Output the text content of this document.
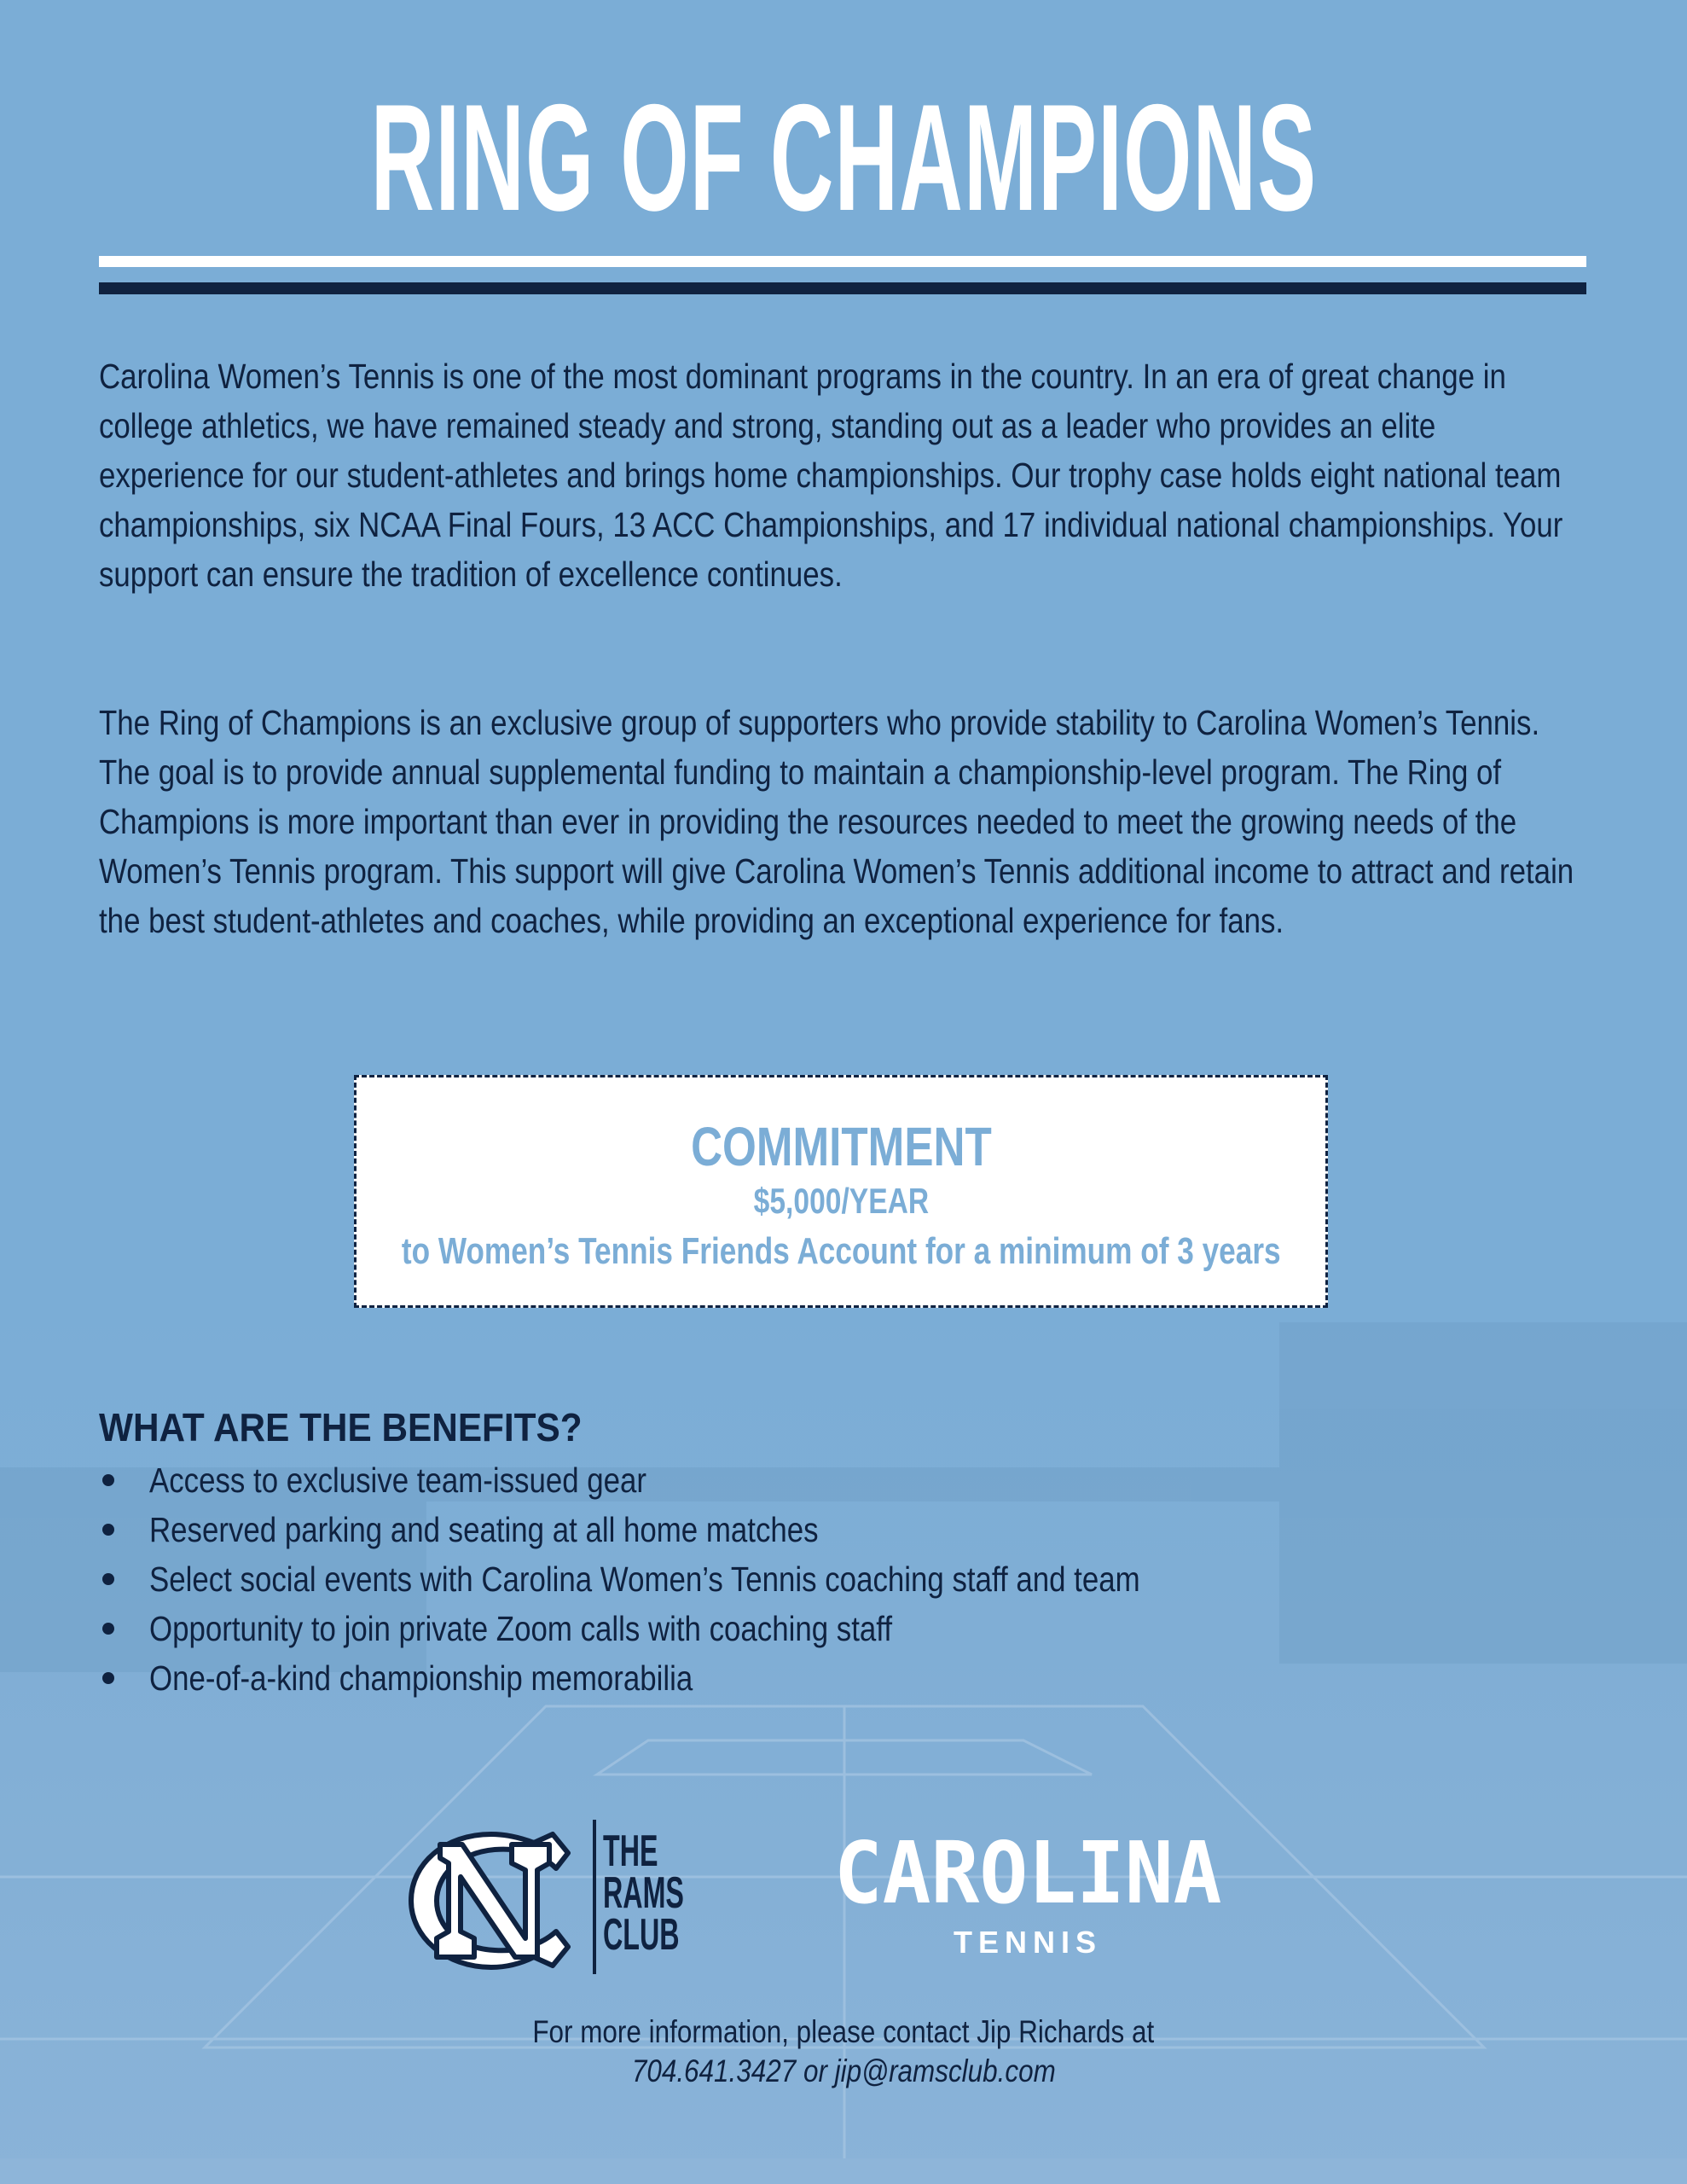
RING OF CHAMPIONS
Carolina Women’s Tennis is one of the most dominant programs in the country. In an era of great change in college athletics, we have remained steady and strong, standing out as a leader who provides an elite experience for our student-athletes and brings home championships. Our trophy case holds eight national team championships, six NCAA Final Fours, 13 ACC Championships, and 17 individual national championships. Your support can ensure the tradition of excellence continues.
The Ring of Champions is an exclusive group of supporters who provide stability to Carolina Women’s Tennis. The goal is to provide annual supplemental funding to maintain a championship-level program. The Ring of Champions is more important than ever in providing the resources needed to meet the growing needs of the Women’s Tennis program. This support will give Carolina Women’s Tennis additional income to attract and retain the best student-athletes and coaches, while providing an exceptional experience for fans.
COMMITMENT
$5,000/YEAR
to Women’s Tennis Friends Account for a minimum of 3 years
WHAT ARE THE BENEFITS?
Access to exclusive team-issued gear
Reserved parking and seating at all home matches
Select social events with Carolina Women’s Tennis coaching staff and team
Opportunity to join private Zoom calls with coaching staff
One-of-a-kind championship memorabilia
THE
RAMS
CLUB
CAROLINA
TENNIS
For more information, please contact Jip Richards at
704.641.3427 or jip@ramsclub.com
